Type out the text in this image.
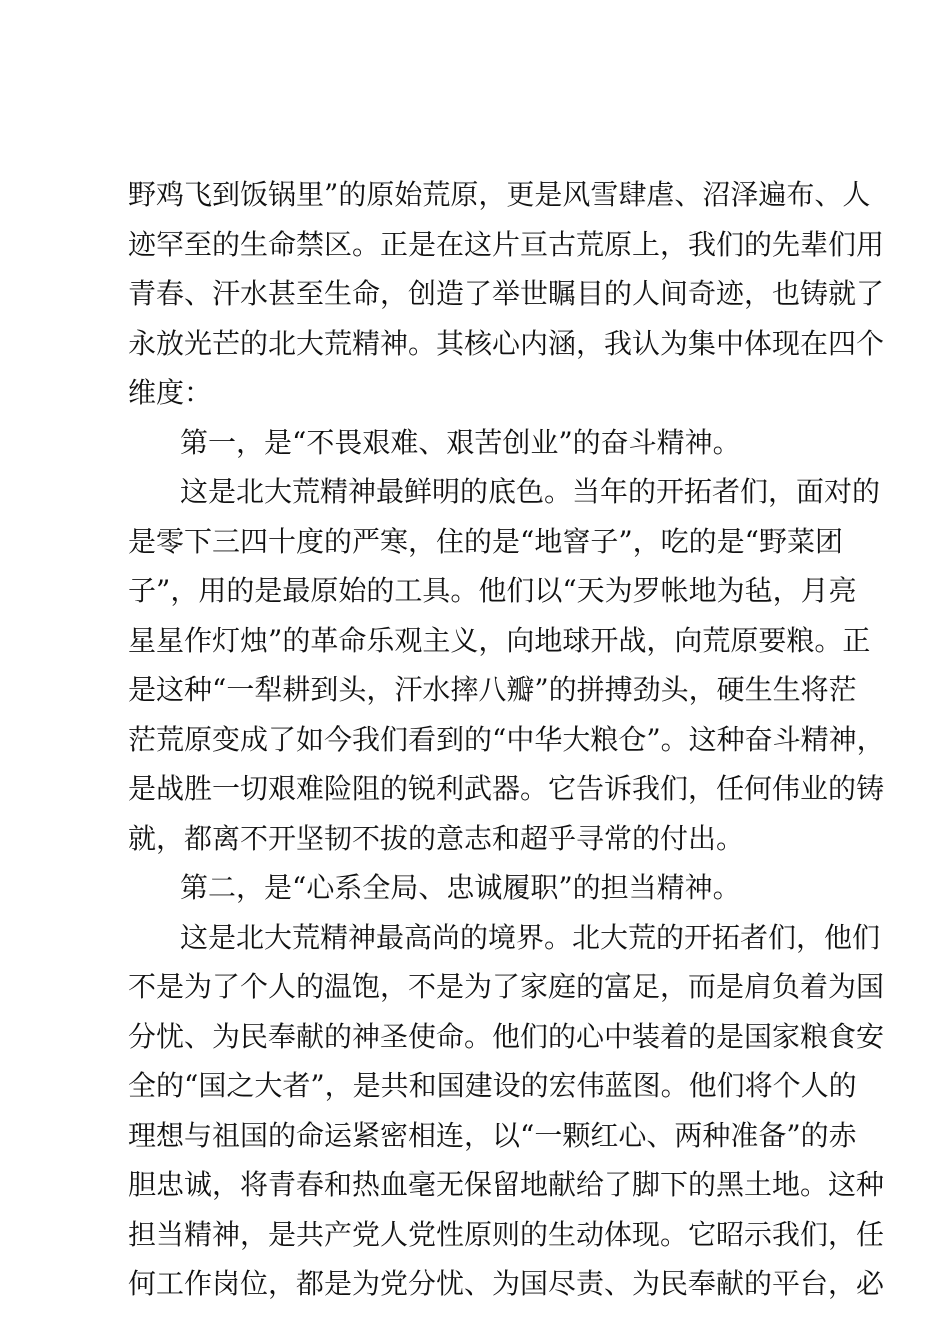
野鸡飞到饭锅里”的原始荒原，更是风雪肆虐、沼泽遍布、人
迹罕至的生命禁区。正是在这片亘古荒原上，我们的先辈们用
青春、汗水甚至生命，创造了举世瞩目的人间奇迹，也铸就了
永放光芒的北大荒精神。其核心内涵，我认为集中体现在四个
维度：
第一，是“不畏艰难、艰苦创业”的奋斗精神。
这是北大荒精神最鲜明的底色。当年的开拓者们，面对的
是零下三四十度的严寒，住的是“地窨子”，吃的是“野菜团
子”，用的是最原始的工具。他们以“天为罗帐地为毡，月亮
星星作灯烛”的革命乐观主义，向地球开战，向荒原要粮。正
是这种“一犁耕到头，汗水摔八瓣”的拼搏劲头，硬生生将茫
茫荒原变成了如今我们看到的“中华大粮仓”。这种奋斗精神，
是战胜一切艰难险阻的锐利武器。它告诉我们，任何伟业的铸
就，都离不开坚韧不拔的意志和超乎寻常的付出。
第二，是“心系全局、忠诚履职”的担当精神。
这是北大荒精神最高尚的境界。北大荒的开拓者们，他们
不是为了个人的温饱，不是为了家庭的富足，而是肩负着为国
分忧、为民奉献的神圣使命。他们的心中装着的是国家粮食安
全的“国之大者”，是共和国建设的宏伟蓝图。他们将个人的
理想与祖国的命运紧密相连，以“一颗红心、两种准备”的赤
胆忠诚，将青春和热血毫无保留地献给了脚下的黑土地。这种
担当精神，是共产党人党性原则的生动体现。它昭示我们，任
何工作岗位，都是为党分忧、为国尽责、为民奉献的平台，必
